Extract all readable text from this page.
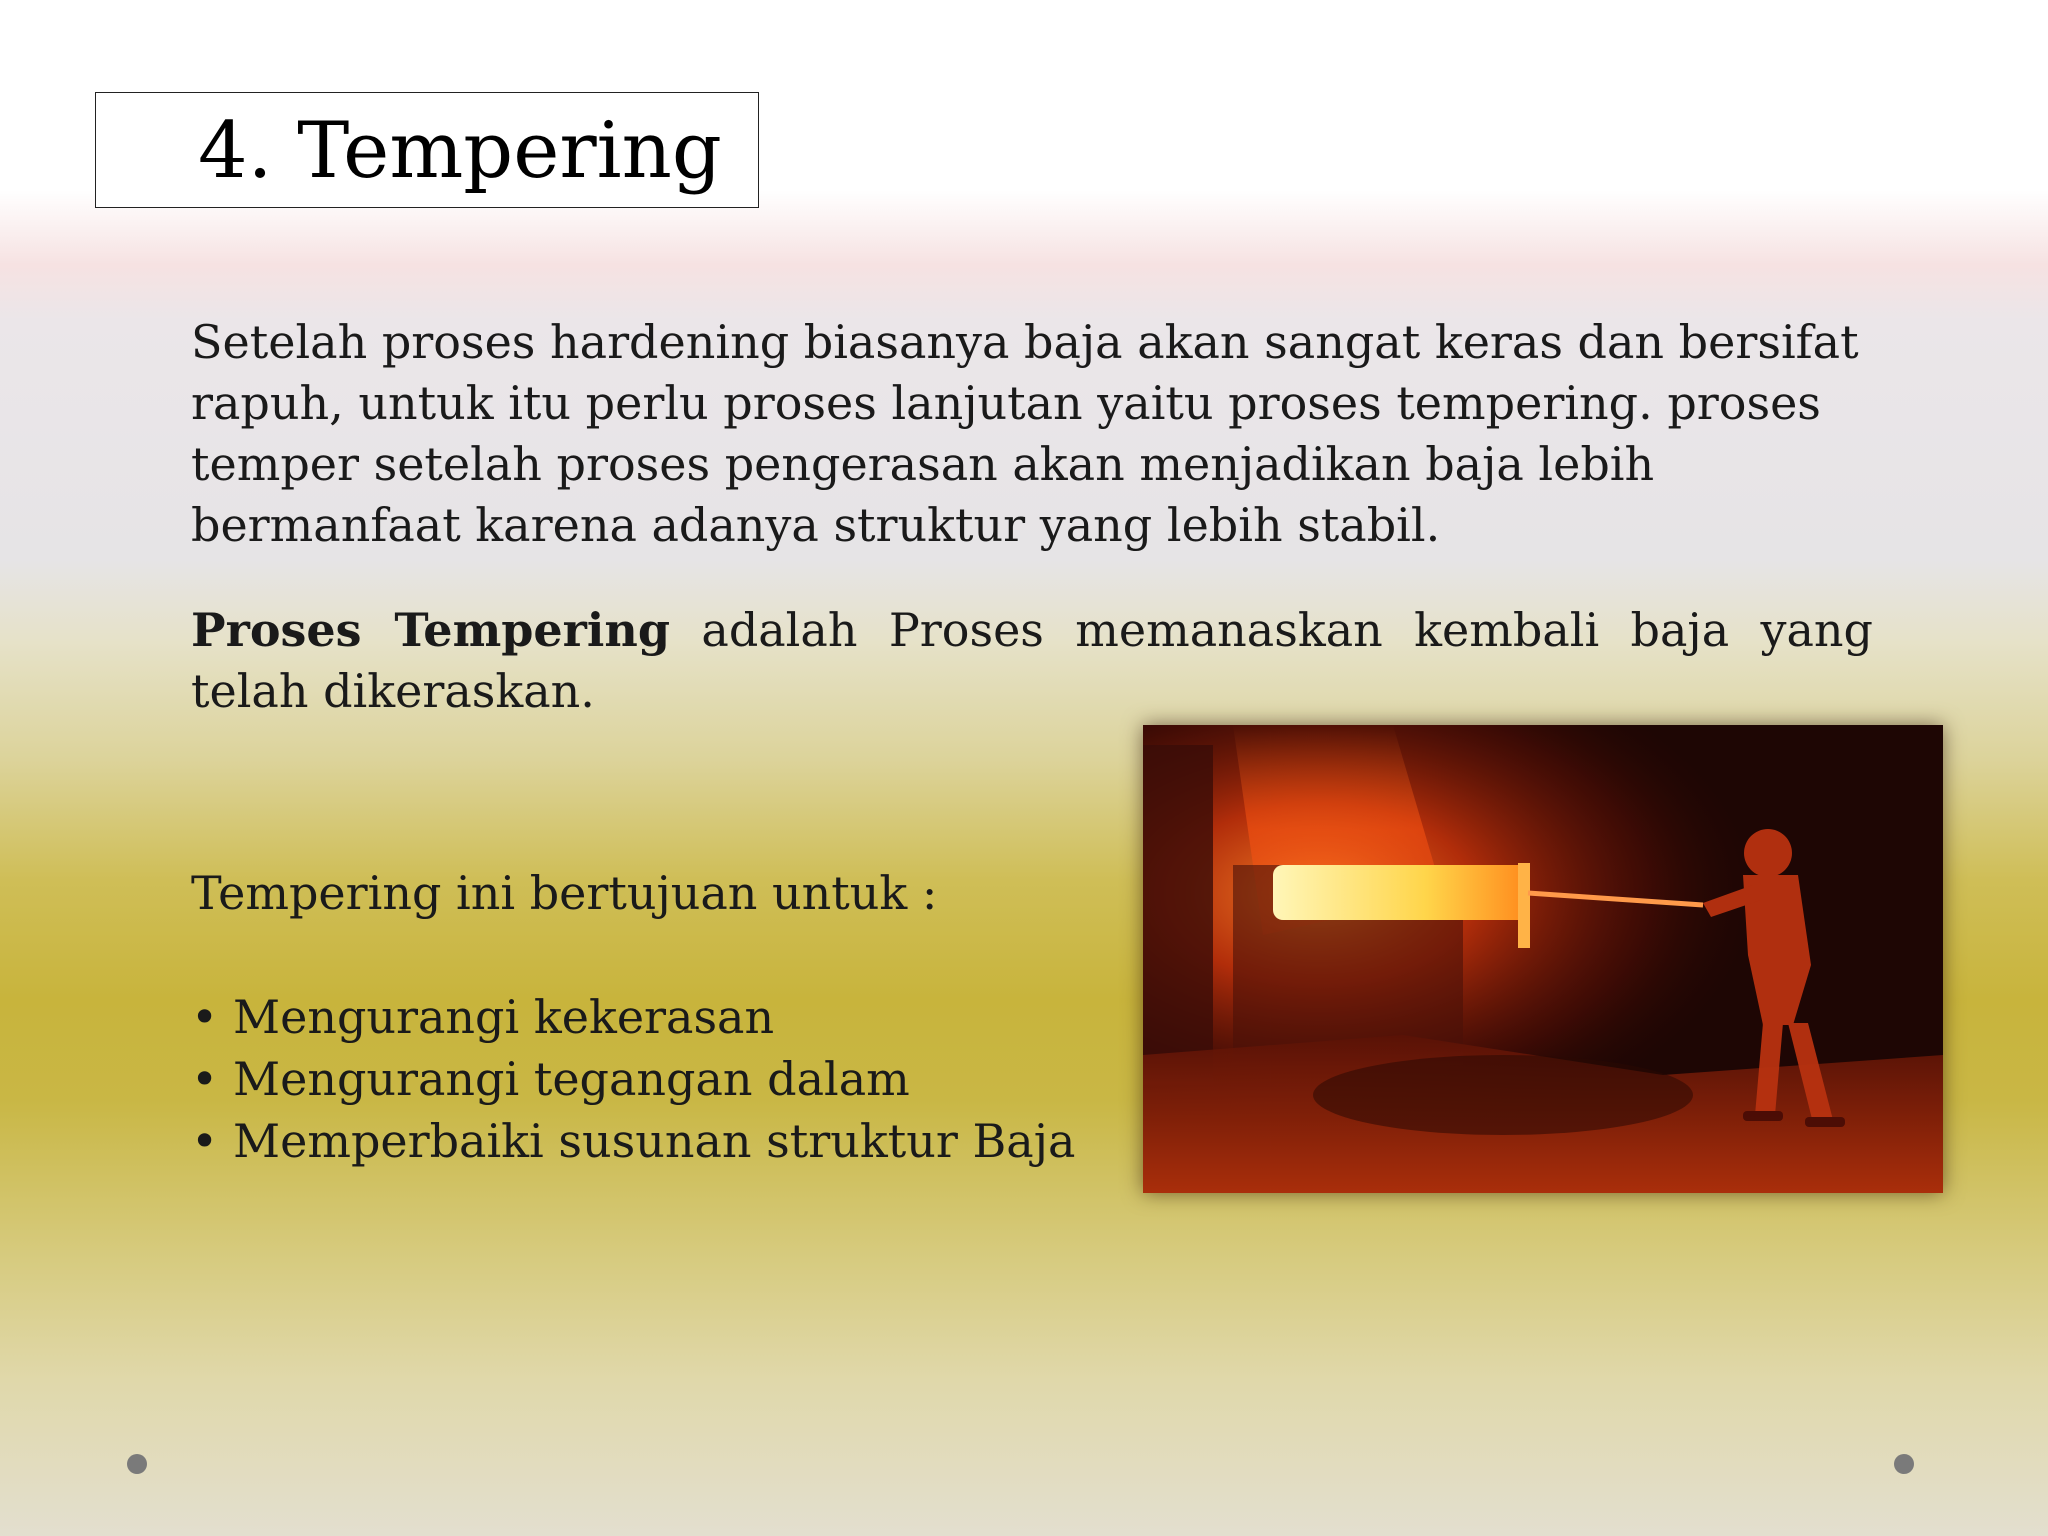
4. Tempering

Setelah proses hardening biasanya baja akan sangat keras dan bersifat rapuh, untuk itu perlu proses lanjutan yaitu proses tempering. proses temper setelah proses pengerasan akan menjadikan baja lebih bermanfaat karena adanya struktur yang lebih stabil.

Proses Tempering adalah Proses memanaskan kembali baja yang telah dikeraskan.

Tempering ini bertujuan untuk :
• Mengurangi kekerasan
• Mengurangi tegangan dalam
• Memperbaiki susunan struktur Baja
